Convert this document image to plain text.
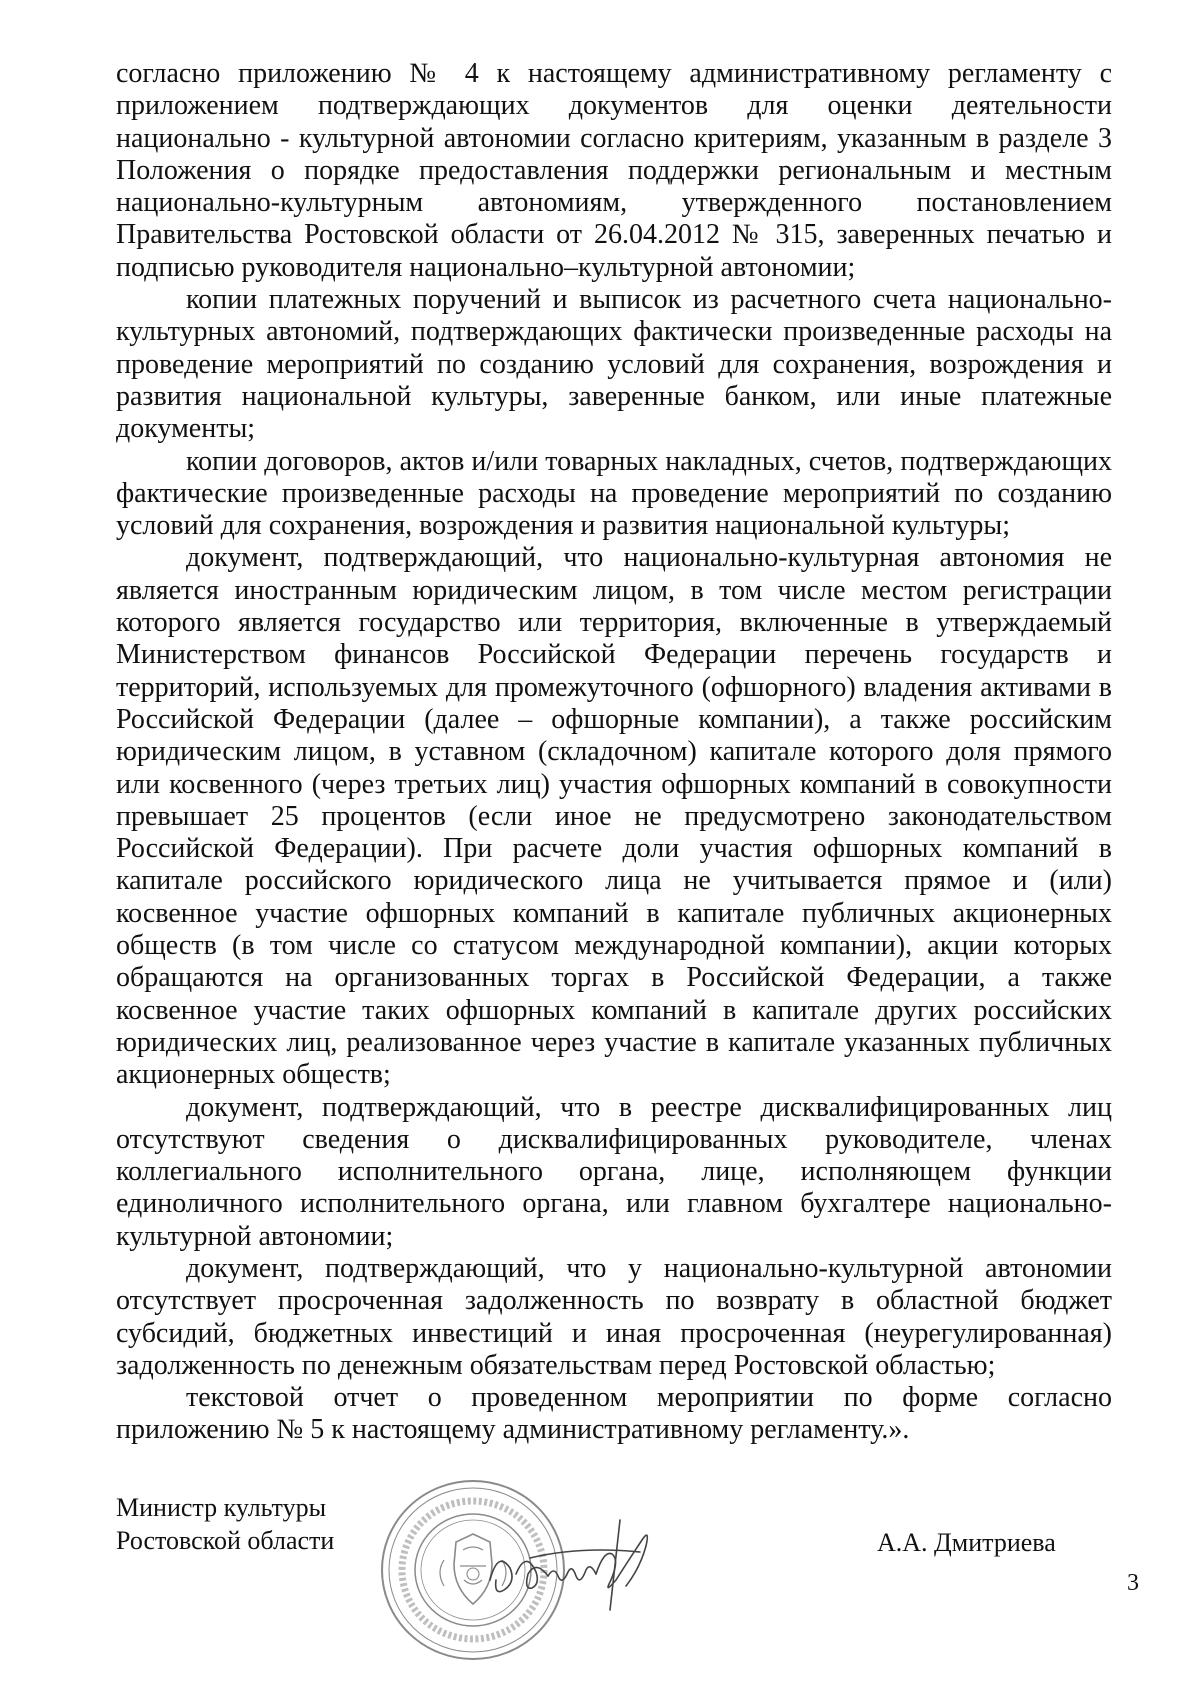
согласно приложению № 4 к настоящему административному регламенту с приложением подтверждающих документов для оценки деятельности национально - культурной автономии согласно критериям, указанным в разделе 3 Положения о порядке предоставления поддержки региональным и местным национально-культурным автономиям, утвержденного постановлением Правительства Ростовской области от 26.04.2012 № 315, заверенных печатью и подписью руководителя национально–культурной автономии;

копии платежных поручений и выписок из расчетного счета национально-культурных автономий, подтверждающих фактически произведенные расходы на проведение мероприятий по созданию условий для сохранения, возрождения и развития национальной культуры, заверенные банком, или иные платежные документы;

копии договоров, актов и/или товарных накладных, счетов, подтверждающих фактические произведенные расходы на проведение мероприятий по созданию условий для сохранения, возрождения и развития национальной культуры;

документ, подтверждающий, что национально-культурная автономия не является иностранным юридическим лицом, в том числе местом регистрации которого является государство или территория, включенные в утверждаемый Министерством финансов Российской Федерации перечень государств и территорий, используемых для промежуточного (офшорного) владения активами в Российской Федерации (далее – офшорные компании), а также российским юридическим лицом, в уставном (складочном) капитале которого доля прямого или косвенного (через третьих лиц) участия офшорных компаний в совокупности превышает 25 процентов (если иное не предусмотрено законодательством Российской Федерации). При расчете доли участия офшорных компаний в капитале российского юридического лица не учитывается прямое и (или) косвенное участие офшорных компаний в капитале публичных акционерных обществ (в том числе со статусом международной компании), акции которых обращаются на организованных торгах в Российской Федерации, а также косвенное участие таких офшорных компаний в капитале других российских юридических лиц, реализованное через участие в капитале указанных публичных акционерных обществ;

документ, подтверждающий, что в реестре дисквалифицированных лиц отсутствуют сведения о дисквалифицированных руководителе, членах коллегиального исполнительного органа, лице, исполняющем функции единоличного исполнительного органа, или главном бухгалтере национально-культурной автономии;

документ, подтверждающий, что у национально-культурной автономии отсутствует просроченная задолженность по возврату в областной бюджет субсидий, бюджетных инвестиций и иная просроченная (неурегулированная) задолженность по денежным обязательствам перед Ростовской областью;

текстовой отчет о проведенном мероприятии по форме согласно приложению № 5 к настоящему административному регламенту.».

Министр культуры
Ростовской области	А.А. Дмитриева
3
